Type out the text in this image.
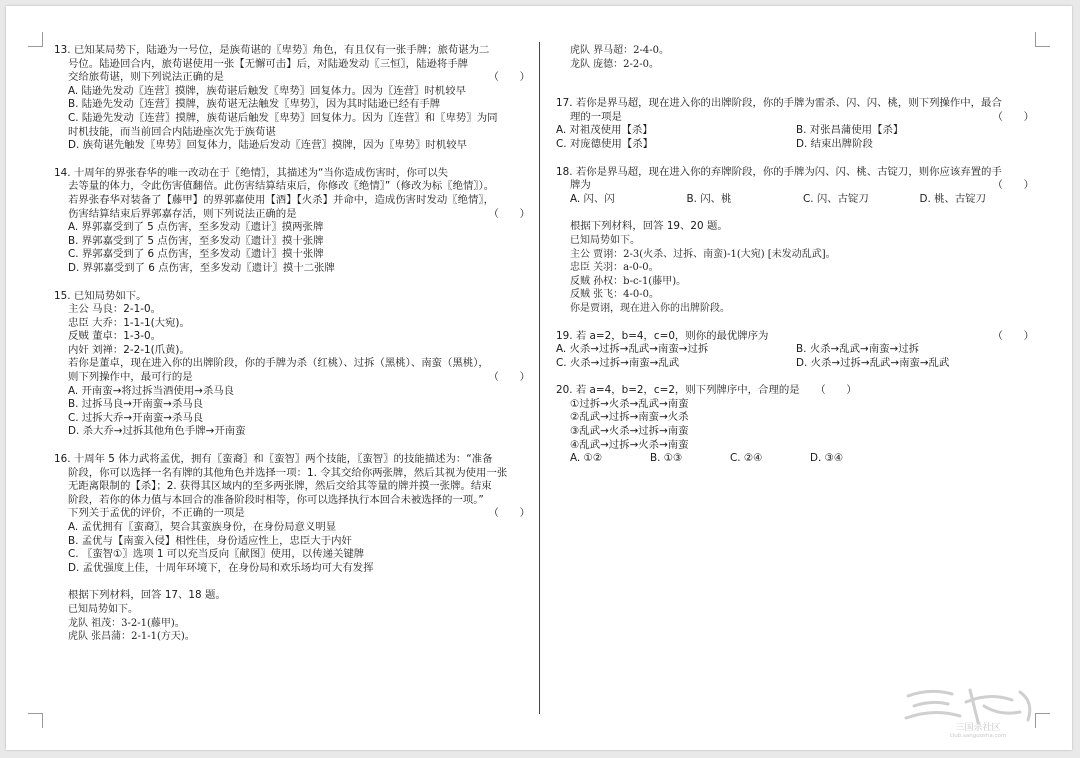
13. 已知某局势下，陆逊为一号位，是族荀谌的〖卑势〗角色，有且仅有一张手牌；旅荀谌为二
号位。陆逊回合内，旅荀谌使用一张【无懈可击】后，对陆逊发动〖三恒〗，陆逊将手牌
交给旅荀谌，则下列说法正确的是	（　　）
A. 陆逊先发动〖连营〗摸牌，族荀谌后触发〖卑势〗回复体力。因为〖连营〗时机较早
B. 陆逊先发动〖连营〗摸牌，族荀谌无法触发〖卑势〗，因为其时陆逊已经有手牌
C. 陆逊先发动〖连营〗摸牌，族荀谌后触发〖卑势〗回复体力。因为〖连营〗和〖卑势〗为同
时机技能，而当前回合内陆逊座次先于族荀谌
D. 族荀谌先触发〖卑势〗回复体力，陆逊后发动〖连营〗摸牌，因为〖卑势〗时机较早
14. 十周年的界张春华的唯一改动在于〖绝情〗，其描述为“当你造成伤害时，你可以失
去等量的体力，令此伤害值翻倍。此伤害结算结束后，你修改〖绝情〗”（修改为标〖绝情〗）。
若界张春华对装备了【藤甲】的界郭嘉使用【酒】【火杀】并命中，造成伤害时发动〖绝情〗，
伤害结算结束后界郭嘉存活，则下列说法正确的是	（　　）
A. 界郭嘉受到了 5 点伤害，至多发动〖遗计〗摸两张牌
B. 界郭嘉受到了 5 点伤害，至多发动〖遗计〗摸十张牌
C. 界郭嘉受到了 6 点伤害，至多发动〖遗计〗摸十张牌
D. 界郭嘉受到了 6 点伤害，至多发动〖遗计〗摸十二张牌
15. 已知局势如下。
主公 马良：2-1-0。
忠臣 大乔：1-1-1(大宛)。
反贼 董卓：1-3-0。
内奸 刘禅：2-2-1(爪黄)。
若你是董卓，现在进入你的出牌阶段，你的手牌为杀（红桃）、过拆（黑桃）、南蛮（黑桃），
则下列操作中，最可行的是	（　　）
A. 开南蛮→将过拆当酒使用→杀马良
B. 过拆马良→开南蛮→杀马良
C. 过拆大乔→开南蛮→杀马良
D. 杀大乔→过拆其他角色手牌→开南蛮
16. 十周年 5 体力武将孟优，拥有〖蛮裔〗和〖蛮智〗两个技能，〖蛮智〗的技能描述为：“准备
阶段，你可以选择一名有牌的其他角色并选择一项：1. 令其交给你两张牌，然后其视为使用一张
无距离限制的【杀】；2. 获得其区域内的至多两张牌，然后交给其等量的牌并摸一张牌。结束
阶段，若你的体力值与本回合的准备阶段时相等，你可以选择执行本回合未被选择的一项。”
下列关于孟优的评价，不正确的一项是	（　　）
A. 孟优拥有〖蛮裔〗，契合其蛮族身份，在身份局意义明显
B. 孟优与【南蛮入侵】相性佳，身份适应性上，忠臣大于内奸
C. 〖蛮智①〗选项 1 可以充当反向〖献图〗使用，以传递关键牌
D. 孟优强度上佳，十周年环境下，在身份局和欢乐场均可大有发挥
根据下列材料，回答 17、18 题。
已知局势如下。
龙队 祖茂：3-2-1(藤甲)。
虎队 张昌蒲：2-1-1(方天)。
虎队 界马超：2-4-0。
龙队 庞德：2-2-0。
17. 若你是界马超，现在进入你的出牌阶段，你的手牌为雷杀、闪、闪、桃，则下列操作中，最合
理的一项是	（　　）
A. 对祖茂使用【杀】	B. 对张昌蒲使用【杀】
C. 对庞德使用【杀】	D. 结束出牌阶段
18. 若你是界马超，现在进入你的弃牌阶段，你的手牌为闪、闪、桃、古锭刀，则你应该弃置的手
牌为	（　　）
A. 闪、闪	B. 闪、桃	C. 闪、古锭刀	D. 桃、古锭刀
根据下列材料，回答 19、20 题。
已知局势如下。
主公 贾诩：2-3(火杀、过拆、南蛮)-1(大宛) [未发动乱武]。
忠臣 关羽：a-0-0。
反贼 孙权：b-c-1(藤甲)。
反贼 张飞：4-0-0。
你是贾诩，现在进入你的出牌阶段。
19. 若 a=2，b=4，c=0，则你的最优牌序为	（　　）
A. 火杀→过拆→乱武→南蛮→过拆	B. 火杀→乱武→南蛮→过拆
C. 火杀→过拆→南蛮→乱武	D. 火杀→过拆→乱武→南蛮→乱武
20. 若 a=4，b=2，c=2，则下列牌序中，合理的是　　 （　　）
①过拆→火杀→乱武→南蛮
②乱武→过拆→南蛮→火杀
③乱武→火杀→过拆→南蛮
④乱武→过拆→火杀→南蛮
A. ①②	B. ①③	C. ②④	D. ③④
三国杀社区
club.sanguosha.com
